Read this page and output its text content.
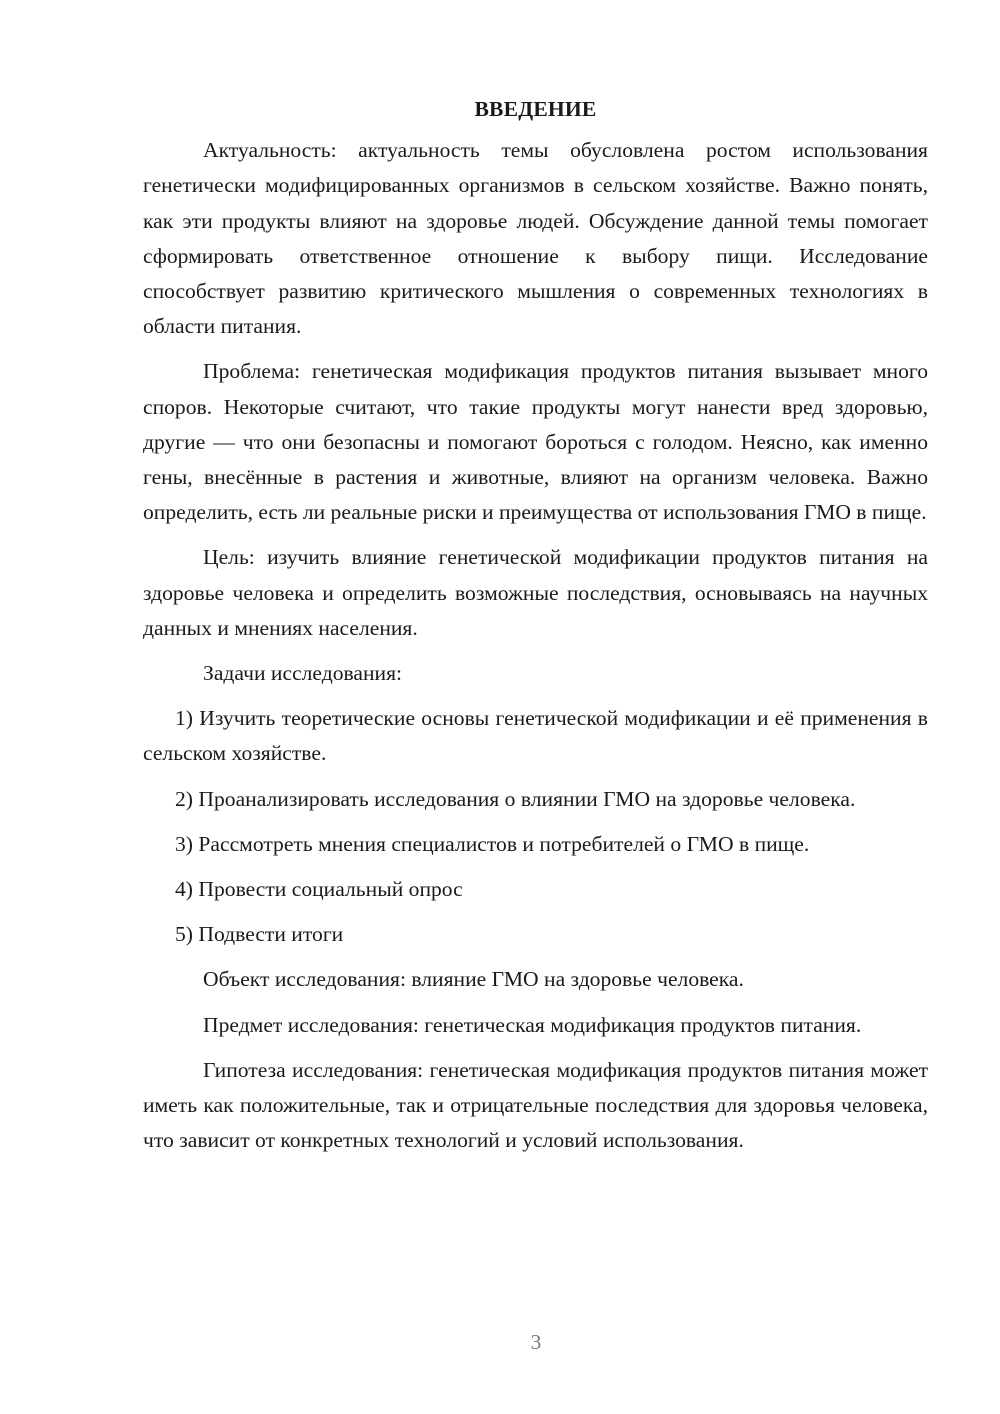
ВВЕДЕНИЕ

Актуальность: актуальность темы обусловлена ростом использования генетически модифицированных организмов в сельском хозяйстве. Важно понять, как эти продукты влияют на здоровье людей. Обсуждение данной темы помогает сформировать ответственное отношение к выбору пищи. Исследование способствует развитию критического мышления о современных технологиях в области питания.

Проблема: генетическая модификация продуктов питания вызывает много споров. Некоторые считают, что такие продукты могут нанести вред здоровью, другие — что они безопасны и помогают бороться с голодом. Неясно, как именно гены, внесённые в растения и животные, влияют на организм человека. Важно определить, есть ли реальные риски и преимущества от использования ГМО в пище.

Цель: изучить влияние генетической модификации продуктов питания на здоровье человека и определить возможные последствия, основываясь на научных данных и мнениях населения.

Задачи исследования:

1) Изучить теоретические основы генетической модификации и её применения в сельском хозяйстве.

2) Проанализировать исследования о влиянии ГМО на здоровье человека.

3) Рассмотреть мнения специалистов и потребителей о ГМО в пище.

4) Провести социальный опрос

5) Подвести итоги

Объект исследования: влияние ГМО на здоровье человека.

Предмет исследования: генетическая модификация продуктов питания.

Гипотеза исследования: генетическая модификация продуктов питания может иметь как положительные, так и отрицательные последствия для здоровья человека, что зависит от конкретных технологий и условий использования.

3
